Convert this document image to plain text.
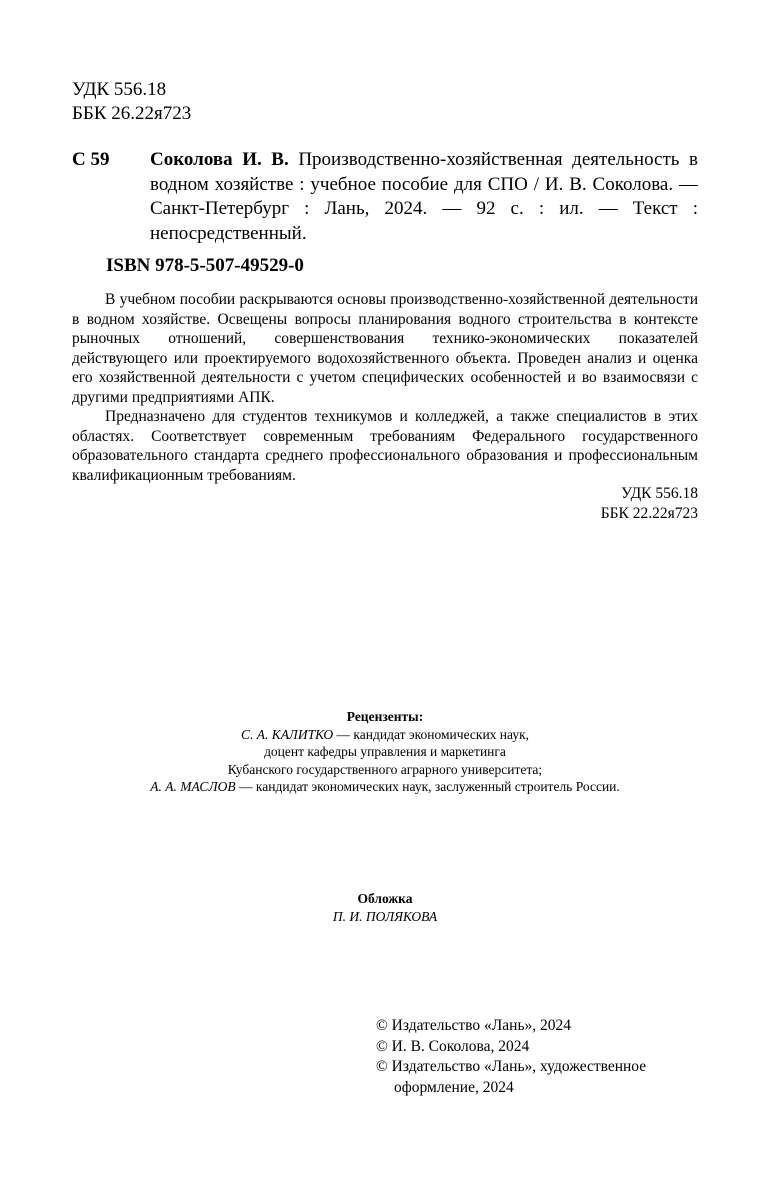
УДК 556.18
ББК 26.22я723
С 59 Соколова И. В. Производственно-хозяйственная деятельность в водном хозяйстве : учебное пособие для СПО / И. В. Соколова. — Санкт-Петербург : Лань, 2024. — 92 с. : ил. — Текст : непосредственный.
ISBN 978-5-507-49529-0

В учебном пособии раскрываются основы производственно-хозяйственной деятельности в водном хозяйстве. Освещены вопросы планирования водного строительства в контексте рыночных отношений, совершенствования технико-экономических показателей действующего или проектируемого водохозяйственного объекта. Проведен анализ и оценка его хозяйственной деятельности с учетом специфических особенностей и во взаимосвязи с другими предприятиями АПК.

Предназначено для студентов техникумов и колледжей, а также специалистов в этих областях. Соответствует современным требованиям Федерального государственного образовательного стандарта среднего профессионального образования и профессиональным квалификационным требованиям.

УДК 556.18
ББК 22.22я723
Рецензенты:
С. А. КАЛИТКО — кандидат экономических наук,
доцент кафедры управления и маркетинга
Кубанского государственного аграрного университета;
А. А. МАСЛОВ — кандидат экономических наук, заслуженный строитель России.
Обложка
П. И. ПОЛЯКОВА
© Издательство «Лань», 2024
© И. В. Соколова, 2024
© Издательство «Лань», художественное оформление, 2024
